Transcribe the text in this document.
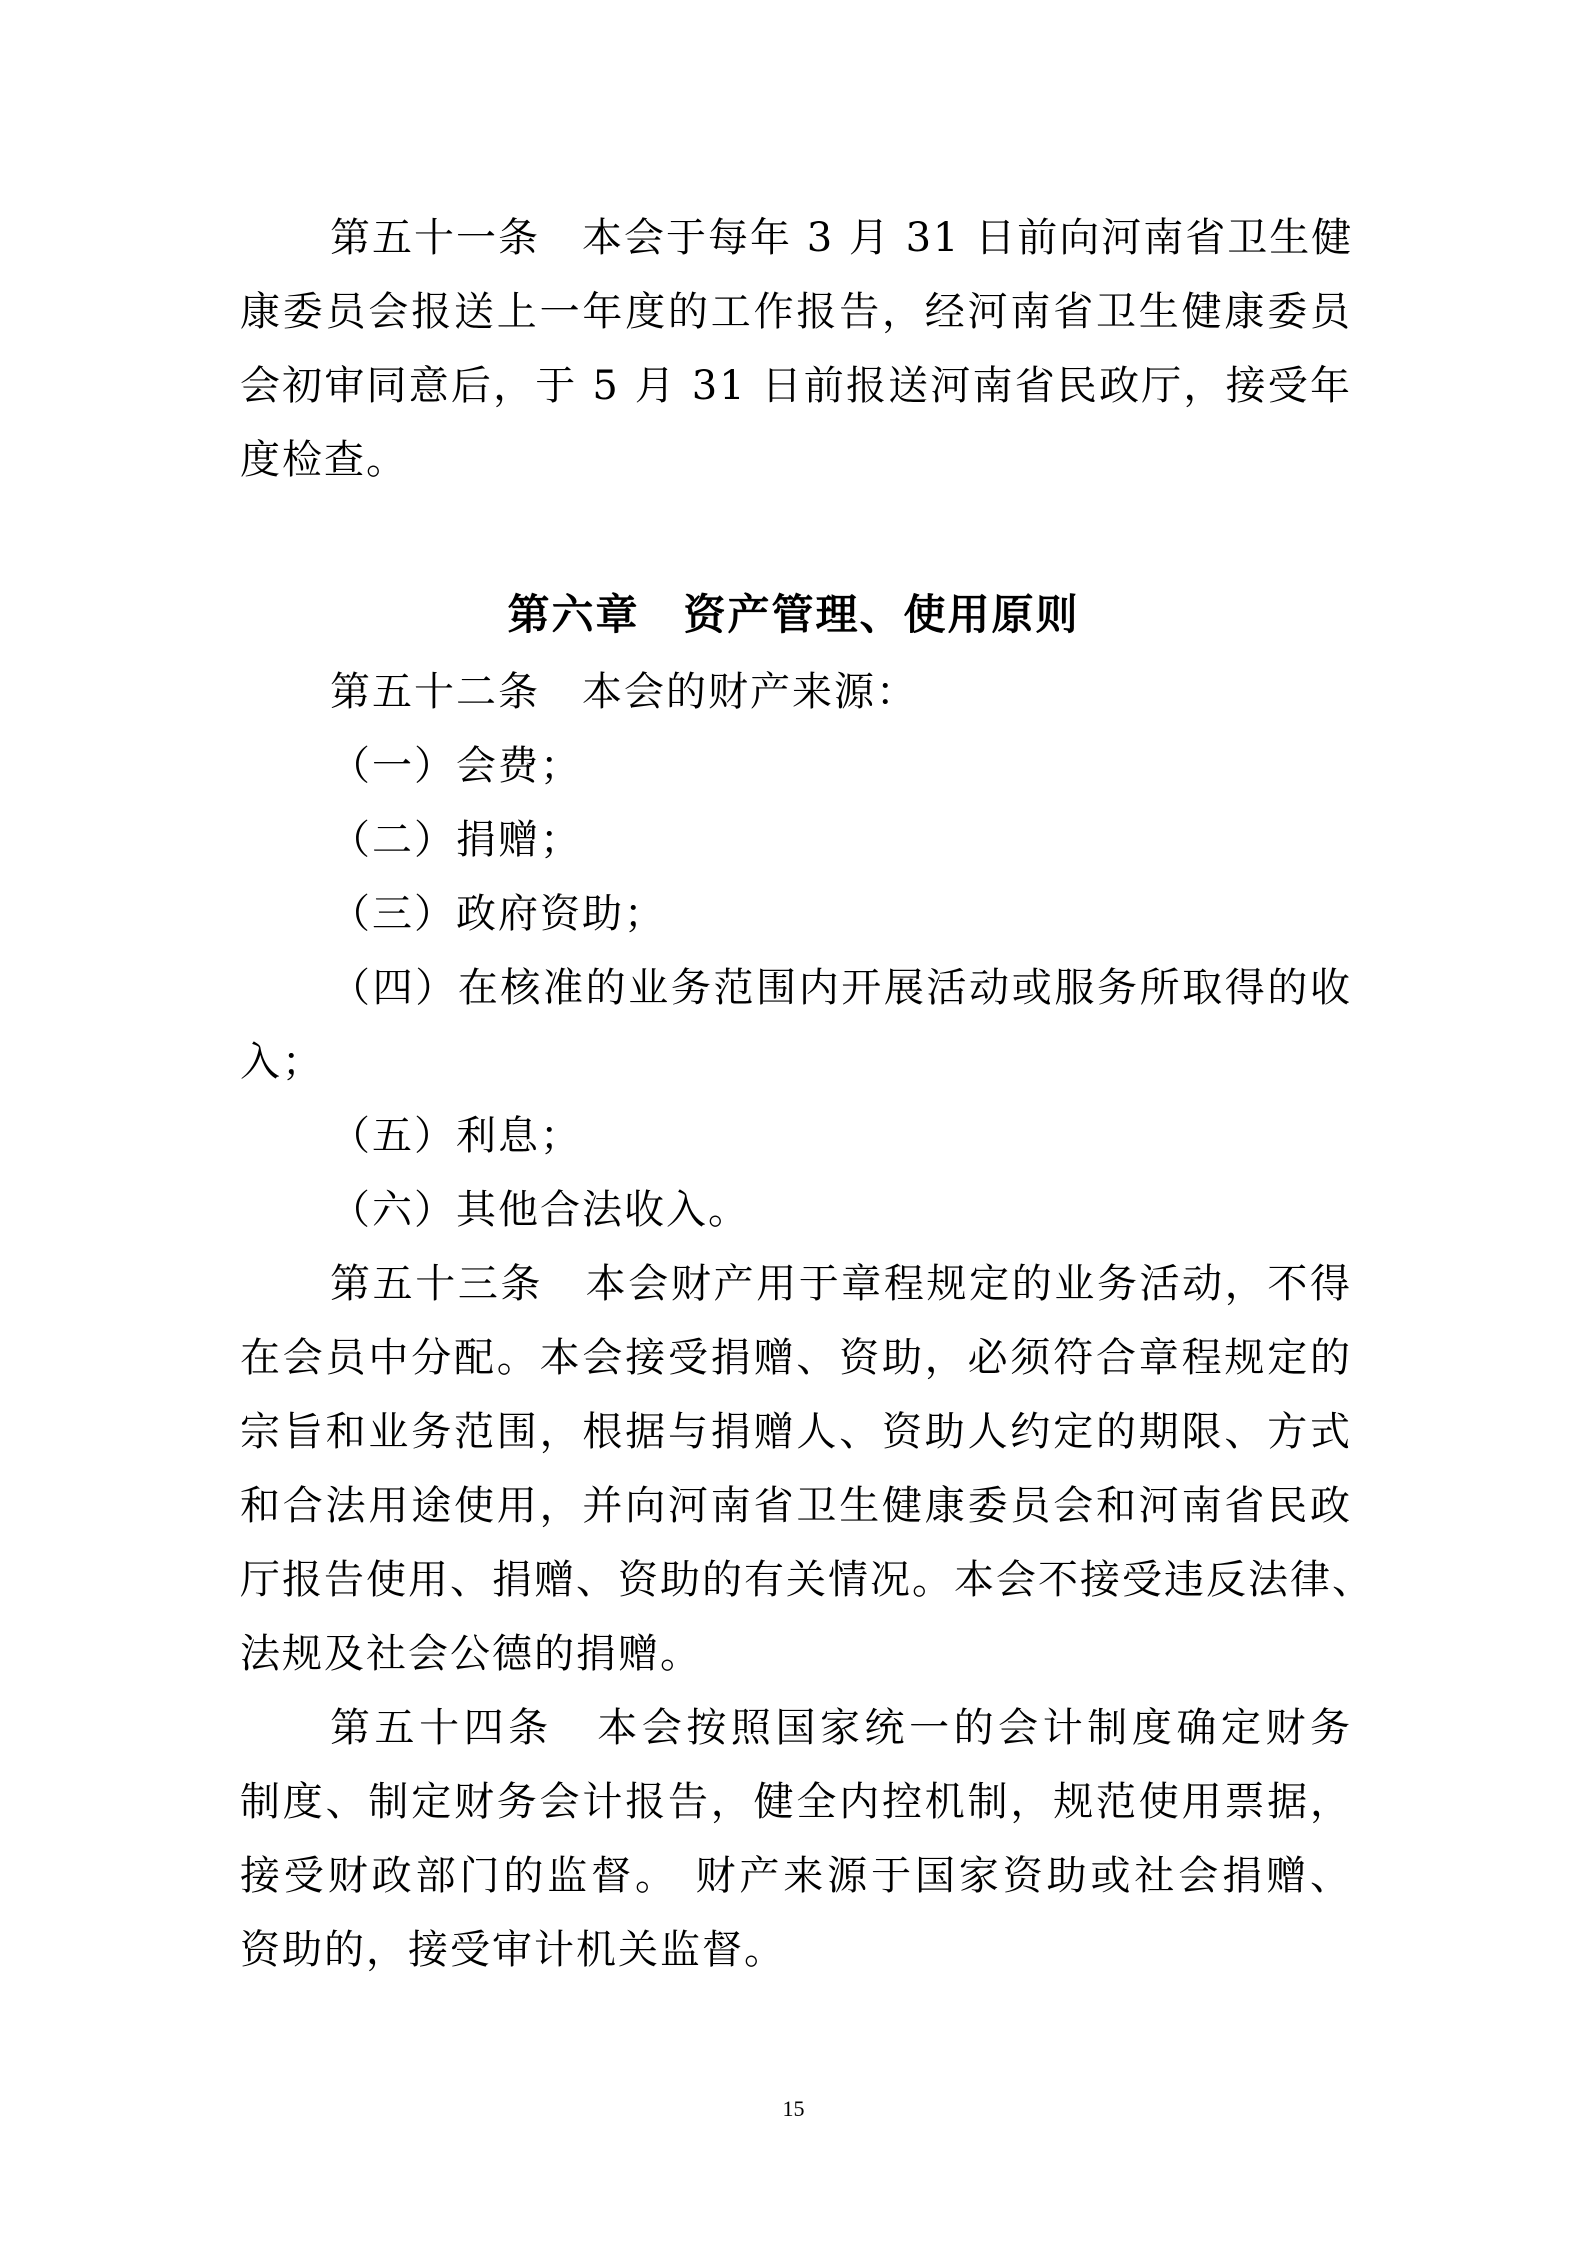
第五十一条　本会于每年 3 月 31 日前向河南省卫生健
康委员会报送上一年度的工作报告，经河南省卫生健康委员
会初审同意后，于 5 月 31 日前报送河南省民政厅，接受年
度检查。
第六章　资产管理、使用原则
第五十二条　本会的财产来源：
（一）会费；
（二）捐赠；
（三）政府资助；
（四）在核准的业务范围内开展活动或服务所取得的收
入；
（五）利息；
（六）其他合法收入。
第五十三条　本会财产用于章程规定的业务活动，不得
在会员中分配。本会接受捐赠、资助，必须符合章程规定的
宗旨和业务范围，根据与捐赠人、资助人约定的期限、方式
和合法用途使用，并向河南省卫生健康委员会和河南省民政
厅报告使用、捐赠、资助的有关情况。本会不接受违反法律、
法规及社会公德的捐赠。
第五十四条　本会按照国家统一的会计制度确定财务
制度、制定财务会计报告，健全内控机制，规范使用票据，
接受财政部门的监督。 财产来源于国家资助或社会捐赠、
资助的，接受审计机关监督。
15
